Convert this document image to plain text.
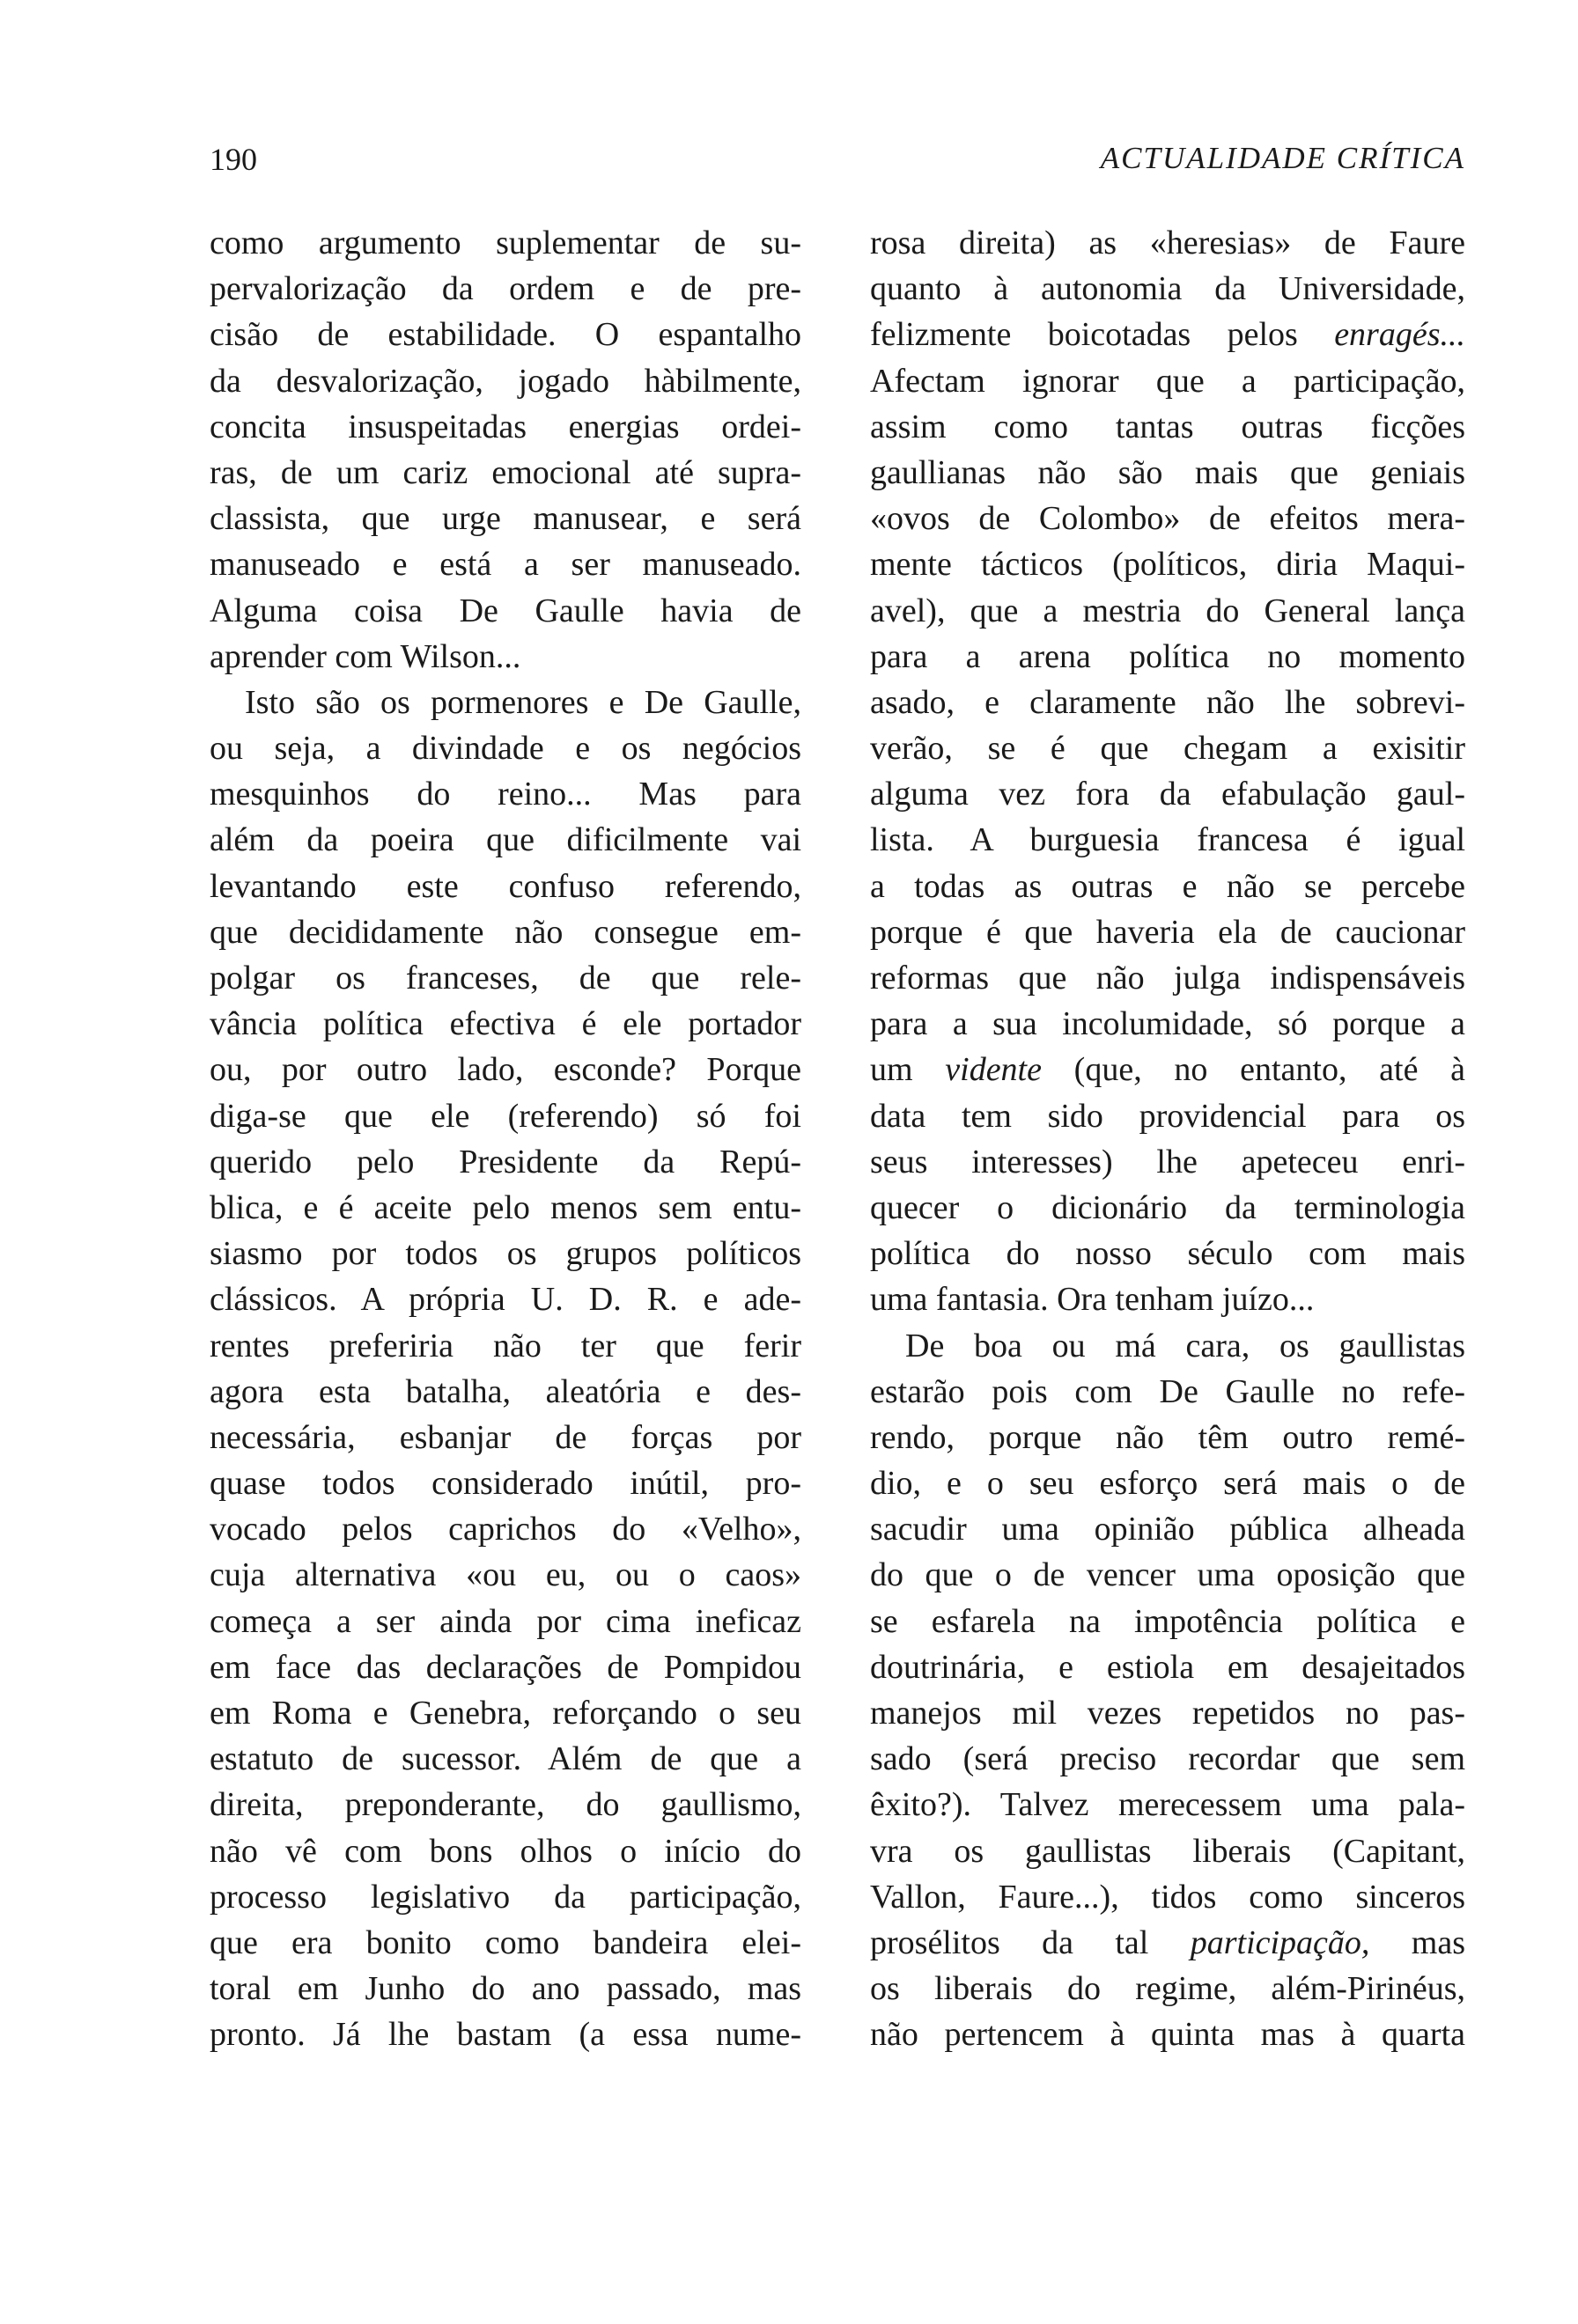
190	ACTUALIDADE CRÍTICA
como argumento suplementar de su-
pervalorização da ordem e de pre-
cisão de estabilidade. O espantalho
da desvalorização, jogado hàbilmente,
concita insuspeitadas energias ordei-
ras, de um cariz emocional até supra-
classista, que urge manusear, e será
manuseado e está a ser manuseado.
Alguma coisa De Gaulle havia de
aprender com Wilson...
Isto são os pormenores e De Gaulle,
ou seja, a divindade e os negócios
mesquinhos do reino... Mas para
além da poeira que dificilmente vai
levantando este confuso referendo,
que decididamente não consegue em-
polgar os franceses, de que rele-
vância política efectiva é ele portador
ou, por outro lado, esconde? Porque
diga-se que ele (referendo) só foi
querido pelo Presidente da Repú-
blica, e é aceite pelo menos sem entu-
siasmo por todos os grupos políticos
clássicos. A própria U. D. R. e ade-
rentes preferiria não ter que ferir
agora esta batalha, aleatória e des-
necessária, esbanjar de forças por
quase todos considerado inútil, pro-
vocado pelos caprichos do «Velho»,
cuja alternativa «ou eu, ou o caos»
começa a ser ainda por cima ineficaz
em face das declarações de Pompidou
em Roma e Genebra, reforçando o seu
estatuto de sucessor. Além de que a
direita, preponderante, do gaullismo,
não vê com bons olhos o início do
processo legislativo da participação,
que era bonito como bandeira elei-
toral em Junho do ano passado, mas
pronto. Já lhe bastam (a essa nume-
rosa direita) as «heresias» de Faure
quanto à autonomia da Universidade,
felizmente boicotadas pelos enragés...
Afectam ignorar que a participação,
assim como tantas outras ficções
gaullianas não são mais que geniais
«ovos de Colombo» de efeitos mera-
mente tácticos (políticos, diria Maqui-
avel), que a mestria do General lança
para a arena política no momento
asado, e claramente não lhe sobrevi-
verão, se é que chegam a exisitir
alguma vez fora da efabulação gaul-
lista. A burguesia francesa é igual
a todas as outras e não se percebe
porque é que haveria ela de caucionar
reformas que não julga indispensáveis
para a sua incolumidade, só porque a
um vidente (que, no entanto, até à
data tem sido providencial para os
seus interesses) lhe apeteceu enri-
quecer o dicionário da terminologia
política do nosso século com mais
uma fantasia. Ora tenham juízo...
De boa ou má cara, os gaullistas
estarão pois com De Gaulle no refe-
rendo, porque não têm outro remé-
dio, e o seu esforço será mais o de
sacudir uma opinião pública alheada
do que o de vencer uma oposição que
se esfarela na impotência política e
doutrinária, e estiola em desajeitados
manejos mil vezes repetidos no pas-
sado (será preciso recordar que sem
êxito?). Talvez merecessem uma pala-
vra os gaullistas liberais (Capitant,
Vallon, Faure...), tidos como sinceros
prosélitos da tal participação, mas
os liberais do regime, além-Pirinéus,
não pertencem à quinta mas à quarta
